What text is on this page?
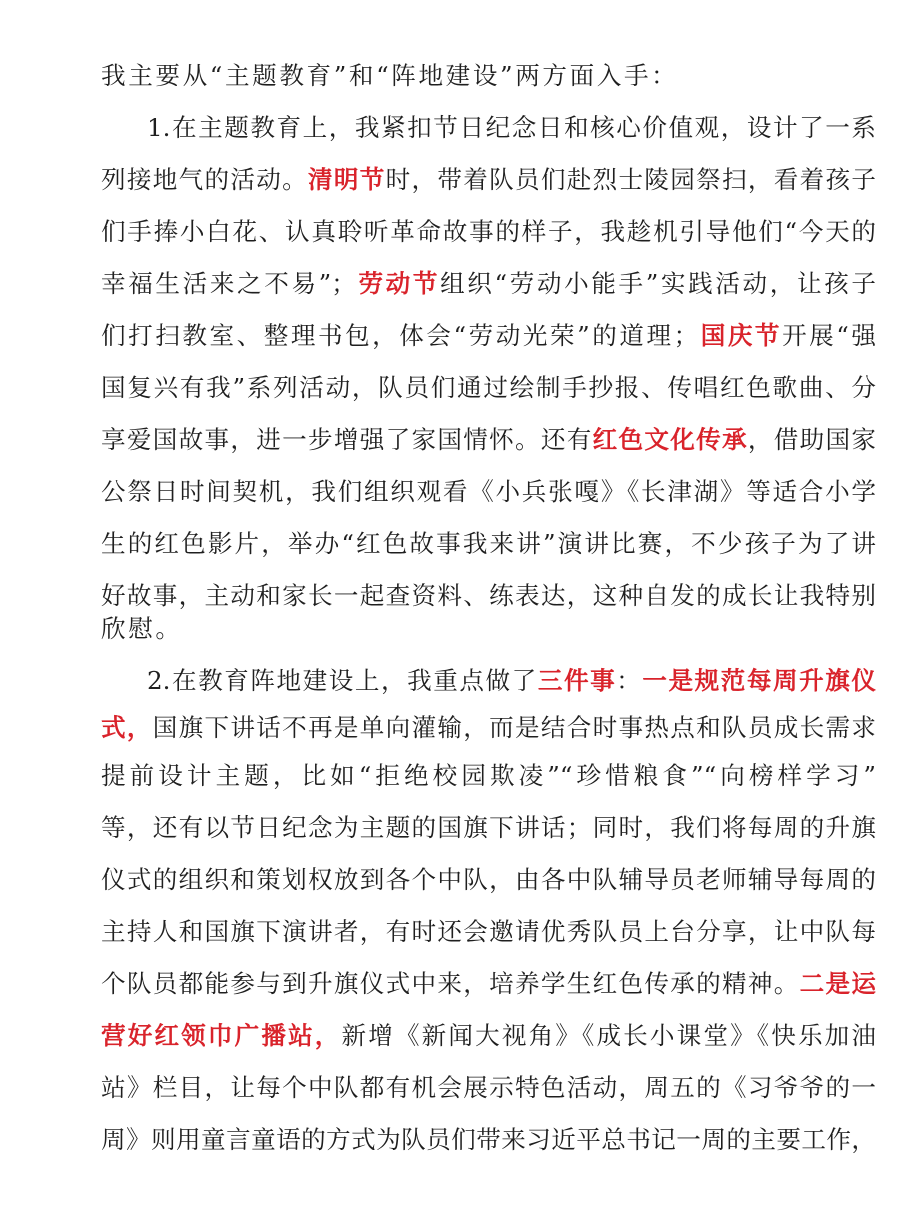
我主要从“主题教育”和“阵地建设”两方面入手：
1.在主题教育上，我紧扣节日纪念日和核心价值观，设计了一系
列接地气的活动。清明节时，带着队员们赴烈士陵园祭扫，看着孩子
们手捧小白花、认真聆听革命故事的样子，我趁机引导他们“今天的
幸福生活来之不易”；劳动节组织“劳动小能手”实践活动，让孩子
们打扫教室、整理书包，体会“劳动光荣”的道理；国庆节开展“强
国复兴有我”系列活动，队员们通过绘制手抄报、传唱红色歌曲、分
享爱国故事，进一步增强了家国情怀。还有红色文化传承，借助国家
公祭日时间契机，我们组织观看《小兵张嘎》《长津湖》等适合小学
生的红色影片，举办“红色故事我来讲”演讲比赛，不少孩子为了讲
好故事，主动和家长一起查资料、练表达，这种自发的成长让我特别
欣慰。
2.在教育阵地建设上，我重点做了三件事：一是规范每周升旗仪
式，国旗下讲话不再是单向灌输，而是结合时事热点和队员成长需求
提前设计主题，比如“拒绝校园欺凌”“珍惜粮食”“向榜样学习”
等，还有以节日纪念为主题的国旗下讲话；同时，我们将每周的升旗
仪式的组织和策划权放到各个中队，由各中队辅导员老师辅导每周的
主持人和国旗下演讲者，有时还会邀请优秀队员上台分享，让中队每
个队员都能参与到升旗仪式中来，培养学生红色传承的精神。二是运
营好红领巾广播站，新增《新闻大视角》《成长小课堂》《快乐加油
站》栏目，让每个中队都有机会展示特色活动，周五的《习爷爷的一
周》则用童言童语的方式为队员们带来习近平总书记一周的主要工作，
